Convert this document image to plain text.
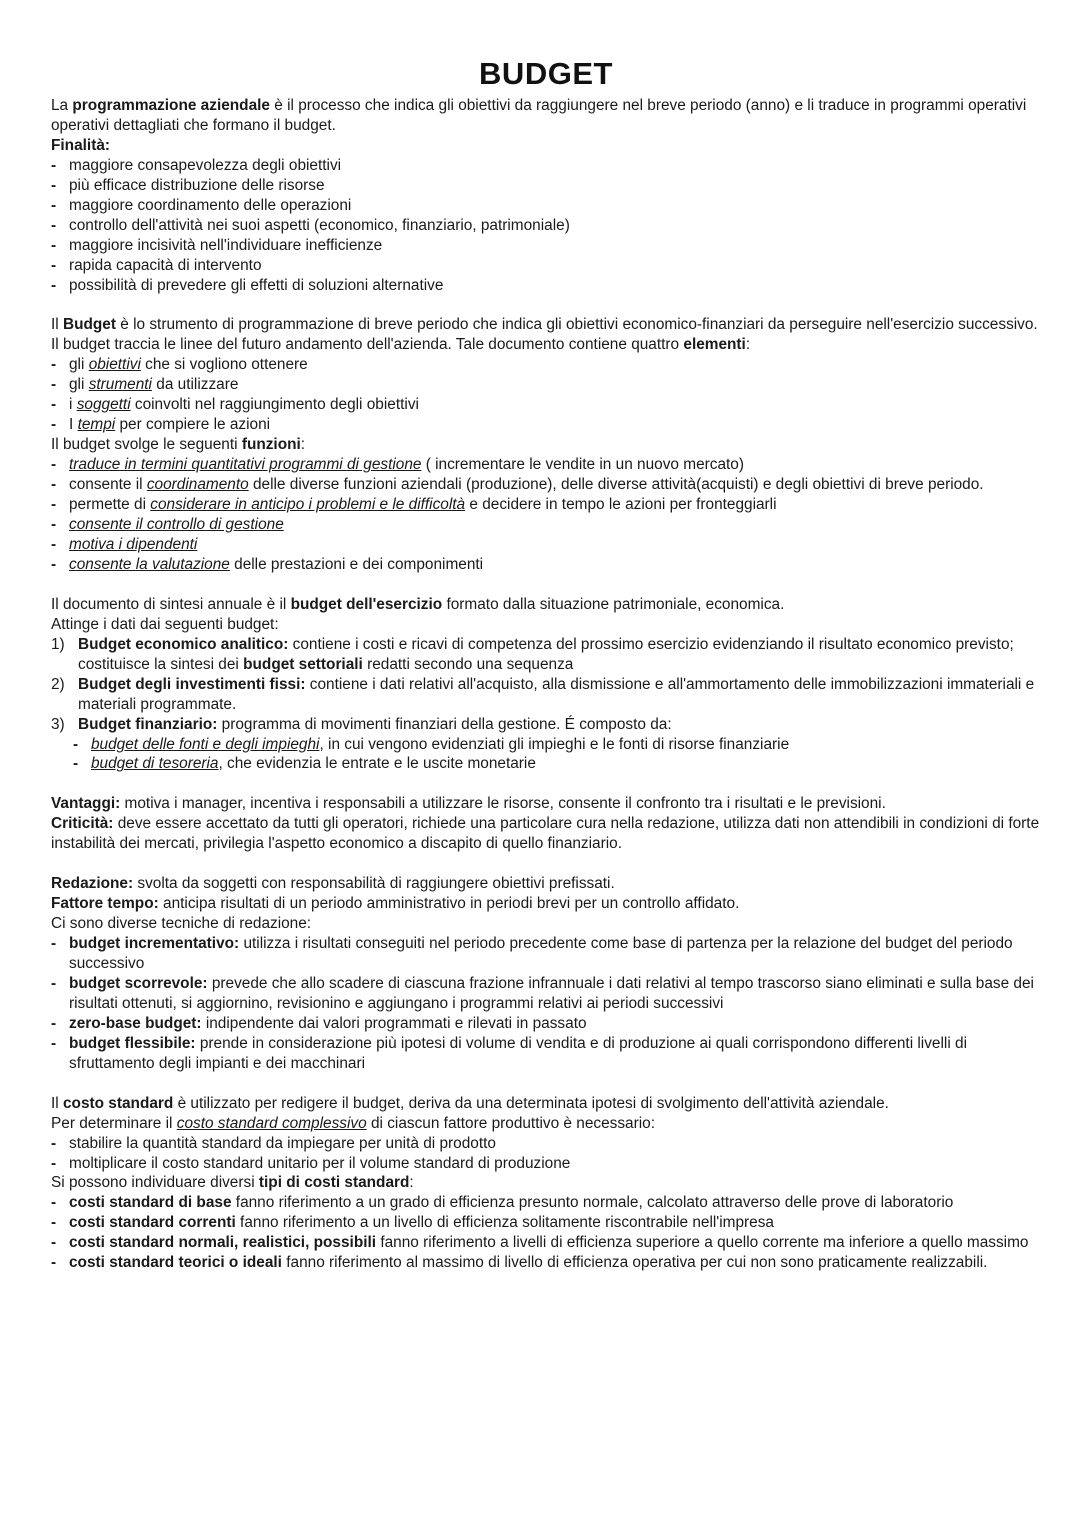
BUDGET

La programmazione aziendale è il processo che indica gli obiettivi da raggiungere nel breve periodo (anno) e li traduce in programmi operativi operativi dettagliati che formano il budget.

Finalità:

- maggiore consapevolezza degli obiettivi
- più efficace distribuzione delle risorse
- maggiore coordinamento delle operazioni
- controllo dell'attività nei suoi aspetti (economico, finanziario, patrimoniale)
- maggiore incisività nell'individuare inefficienze
- rapida capacità di intervento
- possibilità di prevedere gli effetti di soluzioni alternative

Il Budget è lo strumento di programmazione di breve periodo che indica gli obiettivi economico-finanziari da perseguire nell'esercizio successivo. Il budget traccia le linee del futuro andamento dell'azienda. Tale documento contiene quattro elementi:

- gli obiettivi che si vogliono ottenere
- gli strumenti da utilizzare
- i soggetti coinvolti nel raggiungimento degli obiettivi
- I tempi per compiere le azioni

Il budget svolge le seguenti funzioni:

- traduce in termini quantitativi programmi di gestione ( incrementare le vendite in un nuovo mercato)
- consente il coordinamento delle diverse funzioni aziendali (produzione), delle diverse attività(acquisti) e degli obiettivi di breve periodo.
- permette di considerare in anticipo i problemi e le difficoltà e decidere in tempo le azioni per fronteggiarli
- consente il controllo di gestione
- motiva i dipendenti
- consente la valutazione delle prestazioni e dei componimenti

Il documento di sintesi annuale è il budget dell'esercizio formato dalla situazione patrimoniale, economica.

Attinge i dati dai seguenti budget:

1) Budget economico analitico: contiene i costi e ricavi di competenza del prossimo esercizio evidenziando il risultato economico previsto; costituisce la sintesi dei budget settoriali redatti secondo una sequenza
2) Budget degli investimenti fissi: contiene i dati relativi all'acquisto, alla dismissione e all'ammortamento delle immobilizzazioni immateriali e materiali programmate.
3) Budget finanziario: programma di movimenti finanziari della gestione. É composto da:
- budget delle fonti e degli impieghi, in cui vengono evidenziati gli impieghi e le fonti di risorse finanziarie
- budget di tesoreria, che evidenzia le entrate e le uscite monetarie

Vantaggi: motiva i manager, incentiva i responsabili a utilizzare le risorse, consente il confronto tra i risultati e le previsioni.

Criticità: deve essere accettato da tutti gli operatori, richiede una particolare cura nella redazione, utilizza dati non attendibili in condizioni di forte instabilità dei mercati, privilegia l'aspetto economico a discapito di quello finanziario.

Redazione: svolta da soggetti con responsabilità di raggiungere obiettivi prefissati.

Fattore tempo: anticipa risultati di un periodo amministrativo in periodi brevi per un controllo affidato.

Ci sono diverse tecniche di redazione:

- budget incrementativo: utilizza i risultati conseguiti nel periodo precedente come base di partenza per la relazione del budget del periodo successivo
- budget scorrevole: prevede che allo scadere di ciascuna frazione infrannuale i dati relativi al tempo trascorso siano eliminati e sulla base dei risultati ottenuti, si aggiornino, revisionino e aggiungano i programmi relativi ai periodi successivi
- zero-base budget: indipendente dai valori programmati e rilevati in passato
- budget flessibile: prende in considerazione più ipotesi di volume di vendita e di produzione ai quali corrispondono differenti livelli di sfruttamento degli impianti e dei macchinari

Il costo standard è utilizzato per redigere il budget, deriva da una determinata ipotesi di svolgimento dell'attività aziendale.

Per determinare il costo standard complessivo di ciascun fattore produttivo è necessario:

- stabilire la quantità standard da impiegare per unità di prodotto
- moltiplicare il costo standard unitario per il volume standard di produzione

Si possono individuare diversi tipi di costi standard:

- costi standard di base fanno riferimento a un grado di efficienza presunto normale, calcolato attraverso delle prove di laboratorio
- costi standard correnti fanno riferimento a un livello di efficienza solitamente riscontrabile nell'impresa
- costi standard normali, realistici, possibili fanno riferimento a livelli di efficienza superiore a quello corrente ma inferiore a quello massimo
- costi standard teorici o ideali fanno riferimento al massimo di livello di efficienza operativa per cui non sono praticamente realizzabili.
